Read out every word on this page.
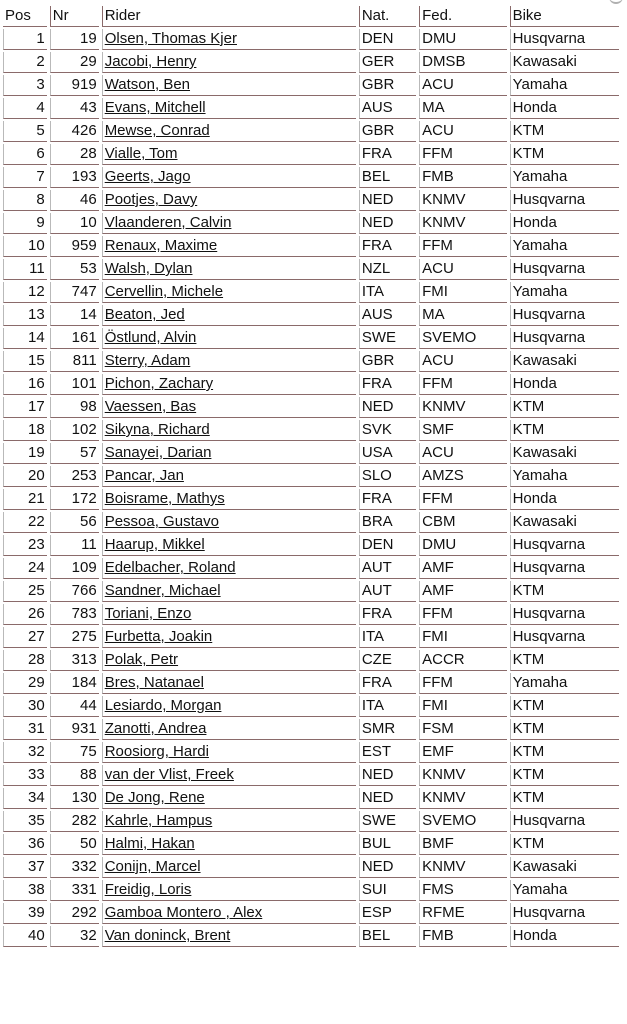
Pos	Nr	Rider	Nat.	Fed.	Bike
1	19	Olsen, Thomas Kjer	DEN	DMU	Husqvarna
2	29	Jacobi, Henry	GER	DMSB	Kawasaki
3	919	Watson, Ben	GBR	ACU	Yamaha
4	43	Evans, Mitchell	AUS	MA	Honda
5	426	Mewse, Conrad	GBR	ACU	KTM
6	28	Vialle, Tom	FRA	FFM	KTM
7	193	Geerts, Jago	BEL	FMB	Yamaha
8	46	Pootjes, Davy	NED	KNMV	Husqvarna
9	10	Vlaanderen, Calvin	NED	KNMV	Honda
10	959	Renaux, Maxime	FRA	FFM	Yamaha
11	53	Walsh, Dylan	NZL	ACU	Husqvarna
12	747	Cervellin, Michele	ITA	FMI	Yamaha
13	14	Beaton, Jed	AUS	MA	Husqvarna
14	161	Östlund, Alvin	SWE	SVEMO	Husqvarna
15	811	Sterry, Adam	GBR	ACU	Kawasaki
16	101	Pichon, Zachary	FRA	FFM	Honda
17	98	Vaessen, Bas	NED	KNMV	KTM
18	102	Sikyna, Richard	SVK	SMF	KTM
19	57	Sanayei, Darian	USA	ACU	Kawasaki
20	253	Pancar, Jan	SLO	AMZS	Yamaha
21	172	Boisrame, Mathys	FRA	FFM	Honda
22	56	Pessoa, Gustavo	BRA	CBM	Kawasaki
23	11	Haarup, Mikkel	DEN	DMU	Husqvarna
24	109	Edelbacher, Roland	AUT	AMF	Husqvarna
25	766	Sandner, Michael	AUT	AMF	KTM
26	783	Toriani, Enzo	FRA	FFM	Husqvarna
27	275	Furbetta, Joakin	ITA	FMI	Husqvarna
28	313	Polak, Petr	CZE	ACCR	KTM
29	184	Bres, Natanael	FRA	FFM	Yamaha
30	44	Lesiardo, Morgan	ITA	FMI	KTM
31	931	Zanotti, Andrea	SMR	FSM	KTM
32	75	Roosiorg, Hardi	EST	EMF	KTM
33	88	van der Vlist, Freek	NED	KNMV	KTM
34	130	De Jong, Rene	NED	KNMV	KTM
35	282	Kahrle, Hampus	SWE	SVEMO	Husqvarna
36	50	Halmi, Hakan	BUL	BMF	KTM
37	332	Conijn, Marcel	NED	KNMV	Kawasaki
38	331	Freidig, Loris	SUI	FMS	Yamaha
39	292	Gamboa Montero , Alex	ESP	RFME	Husqvarna
40	32	Van doninck, Brent	BEL	FMB	Honda
